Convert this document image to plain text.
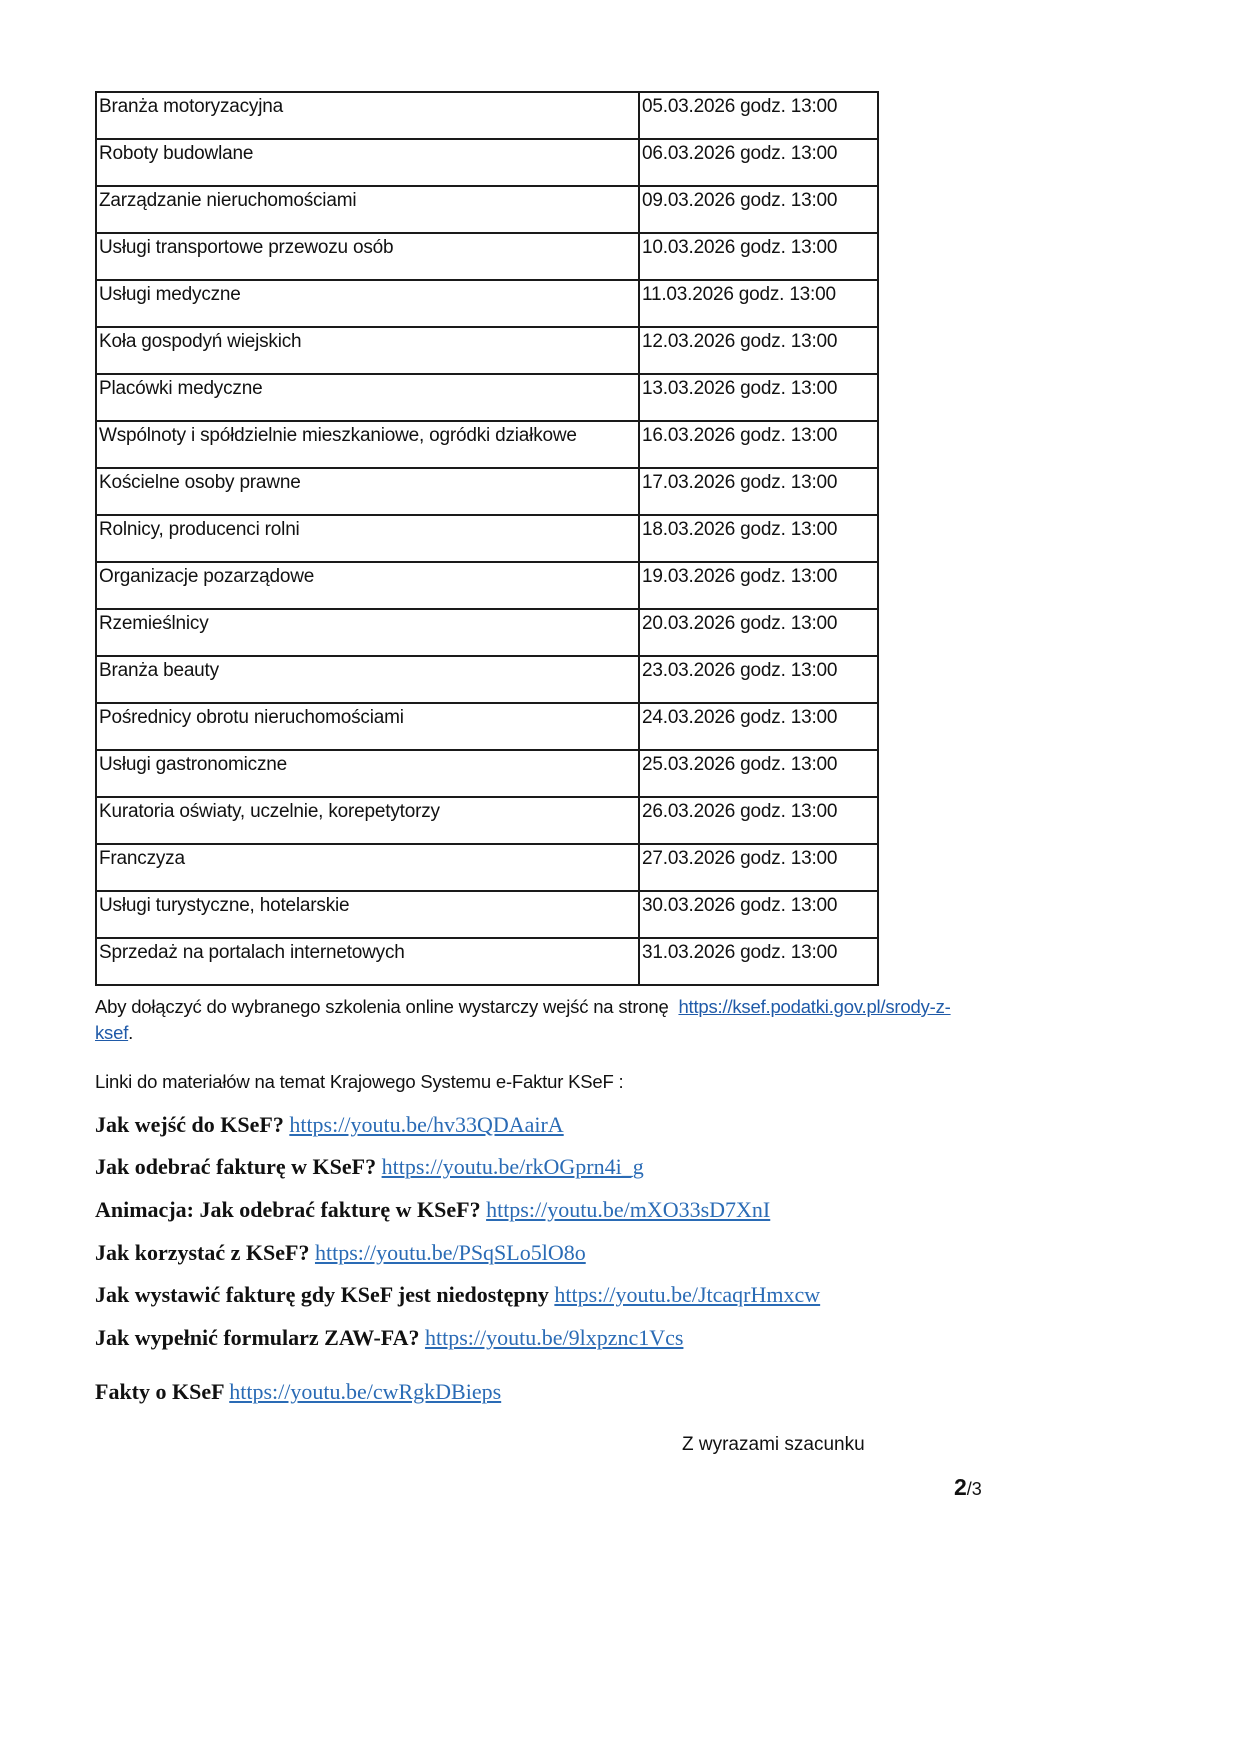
Branża motoryzacyjna	05.03.2026 godz. 13:00
Roboty budowlane	06.03.2026 godz. 13:00
Zarządzanie nieruchomościami	09.03.2026 godz. 13:00
Usługi transportowe przewozu osób	10.03.2026 godz. 13:00
Usługi medyczne	11.03.2026 godz. 13:00
Koła gospodyń wiejskich	12.03.2026 godz. 13:00
Placówki medyczne	13.03.2026 godz. 13:00
Wspólnoty i spółdzielnie mieszkaniowe, ogródki działkowe	16.03.2026 godz. 13:00
Kościelne osoby prawne	17.03.2026 godz. 13:00
Rolnicy, producenci rolni	18.03.2026 godz. 13:00
Organizacje pozarządowe	19.03.2026 godz. 13:00
Rzemieślnicy	20.03.2026 godz. 13:00
Branża beauty	23.03.2026 godz. 13:00
Pośrednicy obrotu nieruchomościami	24.03.2026 godz. 13:00
Usługi gastronomiczne	25.03.2026 godz. 13:00
Kuratoria oświaty, uczelnie, korepetytorzy	26.03.2026 godz. 13:00
Franczyza	27.03.2026 godz. 13:00
Usługi turystyczne, hotelarskie	30.03.2026 godz. 13:00
Sprzedaż na portalach internetowych	31.03.2026 godz. 13:00
Aby dołączyć do wybranego szkolenia online wystarczy wejść na stronę https://ksef.podatki.gov.pl/srody-z-
ksef.
Linki do materiałów na temat Krajowego Systemu e-Faktur KSeF :
Jak wejść do KSeF? https://youtu.be/hv33QDAairA
Jak odebrać fakturę w KSeF? https://youtu.be/rkOGprn4i_g
Animacja: Jak odebrać fakturę w KSeF? https://youtu.be/mXO33sD7XnI
Jak korzystać z KSeF? https://youtu.be/PSqSLo5lO8o
Jak wystawić fakturę gdy KSeF jest niedostępny https://youtu.be/JtcaqrHmxcw
Jak wypełnić formularz ZAW-FA? https://youtu.be/9lxpznc1Vcs
Fakty o KSeF https://youtu.be/cwRgkDBieps
Z wyrazami szacunku
2/3
